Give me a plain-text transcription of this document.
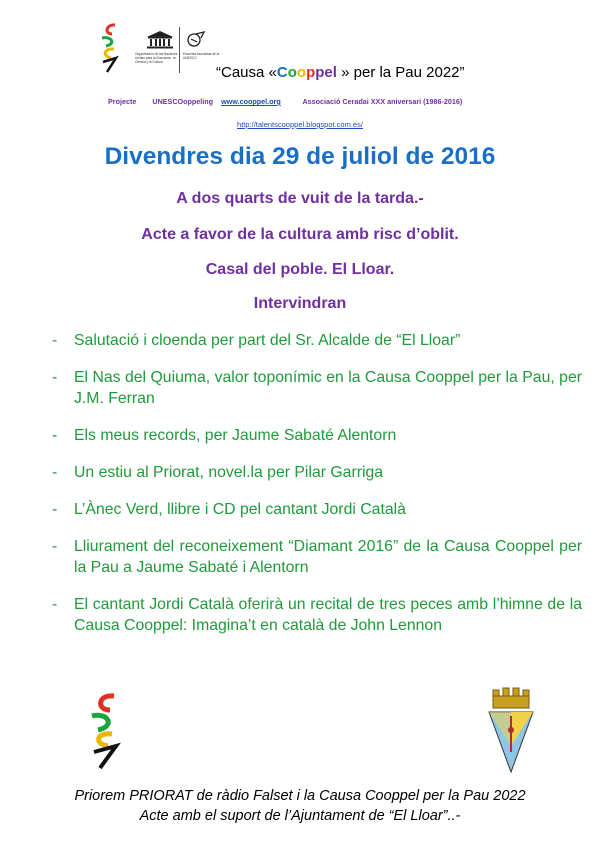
Organización de las Naciones Unidas para la Educación, la Ciencia y la Cultura
Escuelas Asociadas de la UNESCO
“Causa «Cooppel » per la Pau 2022”
Projecte UNESCOoppeling www.cooppel.org	Associació Ceradai XXX aniversari (1986-2016)
http://talentscooppel.blogspot.com.es/
Divendres dia 29 de juliol de 2016
A dos quarts de vuit de la tarda.-
Acte a favor de la cultura amb risc d’oblit.
Casal del poble. El Lloar.
Intervindran
- Salutació i cloenda per part del Sr. Alcalde de “El Lloar”
- El Nas del Quiuma, valor toponímic en la Causa Cooppel per la Pau, per J.M. Ferran
- Els meus records, per Jaume Sabaté Alentorn
- Un estiu al Priorat, novel.la per Pilar Garriga
- L’Ànec Verd, llibre i CD pel cantant Jordi Català
- Lliurament del reconeixement “Diamant 2016” de la Causa Cooppel per la Pau a Jaume Sabaté i Alentorn
- El cantant Jordi Català oferirà un recital de tres peces amb l’himne de la Causa Cooppel: Imagina’t en català de John Lennon
Priorem PRIORAT de ràdio Falset i la Causa Cooppel per la Pau 2022
Acte amb el suport de l’Ajuntament de “El Lloar”..-
